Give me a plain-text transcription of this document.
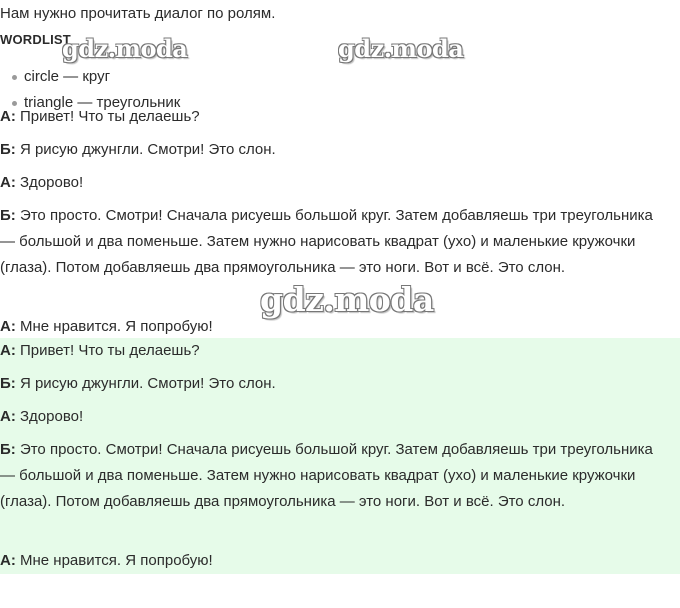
Нам нужно прочитать диалог по ролям.
WORDLIST
circle — круг
triangle — треугольник
gdz.moda	gdz.moda

А: Привет! Что ты делаешь?

Б: Я рисую джунгли. Смотри! Это слон.

А: Здорово!

Б: Это просто. Смотри! Сначала рисуешь большой круг. Затем добавляешь три треугольника — большой и два поменьше. Затем нужно нарисовать квадрат (ухо) и маленькие кружочки (глаза). Потом добавляешь два прямоугольника — это ноги. Вот и всё. Это слон.

А: Мне нравится. Я попробую!

gdz.moda

А: Привет! Что ты делаешь?

Б: Я рисую джунгли. Смотри! Это слон.

А: Здорово!

Б: Это просто. Смотри! Сначала рисуешь большой круг. Затем добавляешь три треугольника — большой и два поменьше. Затем нужно нарисовать квадрат (ухо) и маленькие кружочки (глаза). Потом добавляешь два прямоугольника — это ноги. Вот и всё. Это слон.

А: Мне нравится. Я попробую!
